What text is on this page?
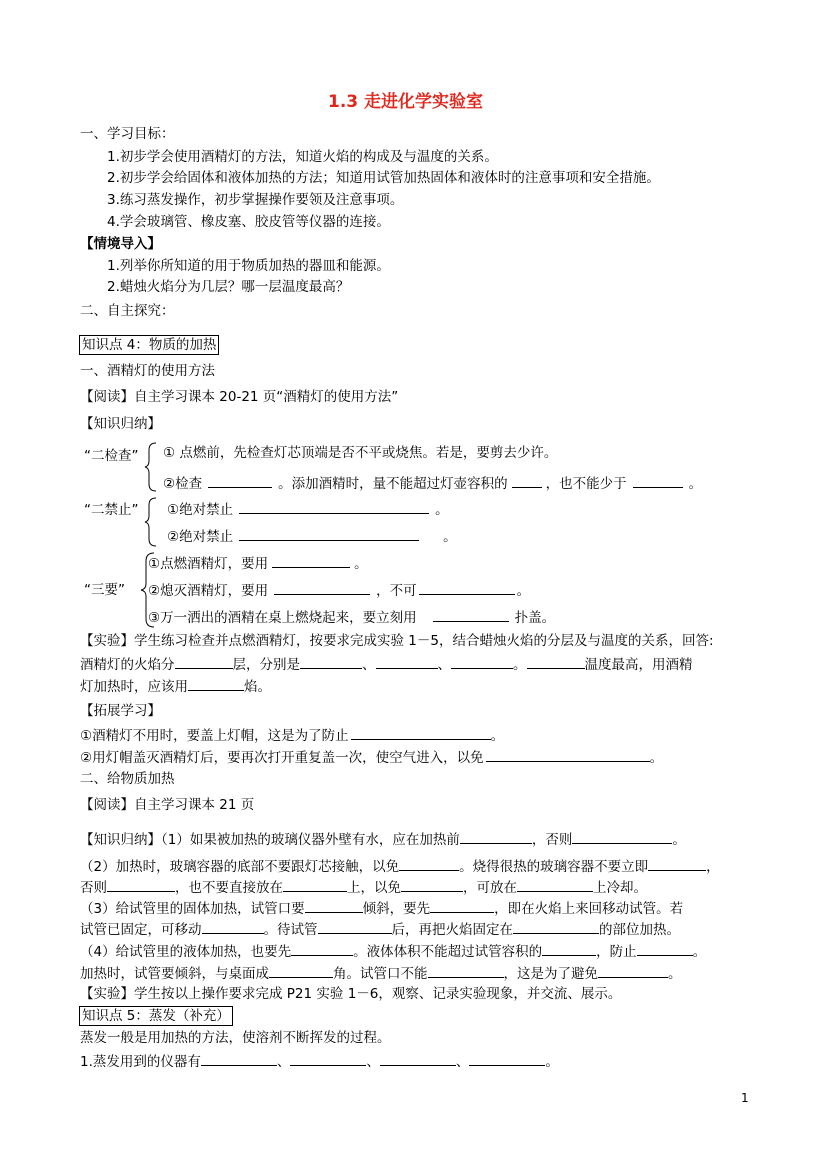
1.3 走进化学实验室
一、学习目标：
1.初步学会使用酒精灯的方法，知道火焰的构成及与温度的关系。
2.初步学会给固体和液体加热的方法；知道用试管加热固体和液体时的注意事项和安全措施。
3.练习蒸发操作，初步掌握操作要领及注意事项。
4.学会玻璃管、橡皮塞、胶皮管等仪器的连接。
【情境导入】
1.列举你所知道的用于物质加热的器皿和能源。
2.蜡烛火焰分为几层？哪一层温度最高？
二、自主探究：
知识点 4：物质的加热
一、酒精灯的使用方法
【阅读】自主学习课本 20-21 页“酒精灯的使用方法”
【知识归纳】
“二检查” ① 点燃前，先检查灯芯顶端是否不平或烧焦。若是，要剪去少许。
②检查	。添加酒精时，量不能超过灯壶容积的	，也不能少于	。
“二禁止” ①绝对禁止	。
②绝对禁止	。
“三要”
①点燃酒精灯，要用	。
②熄灭酒精灯，要用	，不可	。
③万一洒出的酒精在桌上燃烧起来，要立刻用	扑盖。
【实验】学生练习检查并点燃酒精灯，按要求完成实验 1－5，结合蜡烛火焰的分层及与温度的关系，回答:
酒精灯的火焰分	层，分别是	、	、	。	温度最高，用酒精
灯加热时，应该用	焰。
【拓展学习】
①酒精灯不用时，要盖上灯帽，这是为了防止	。
②用灯帽盖灭酒精灯后，要再次打开重复盖一次，使空气进入，以免	。
二、给物质加热
【阅读】自主学习课本 21 页
【知识归纳】（1）如果被加热的玻璃仪器外壁有水，应在加热前	，否则	。
（2）加热时，玻璃容器的底部不要跟灯芯接触，以免	。烧得很热的玻璃容器不要立即	，
否则	，也不要直接放在	上，以免	，可放在	上冷却。
（3）给试管里的固体加热，试管口要	倾斜，要先	，即在火焰上来回移动试管。若
试管已固定，可移动	。待试管	后，再把火焰固定在	的部位加热。
（4）给试管里的液体加热，也要先	。液体体积不能超过试管容积的	，防止	。
加热时，试管要倾斜，与桌面成	角。试管口不能	，这是为了避免	。
【实验】学生按以上操作要求完成 P21 实验 1－6，观察、记录实验现象，并交流、展示。
知识点 5：蒸发（补充）
蒸发一般是用加热的方法，使溶剂不断挥发的过程。
1.蒸发用到的仪器有	、	、	、	。
1
